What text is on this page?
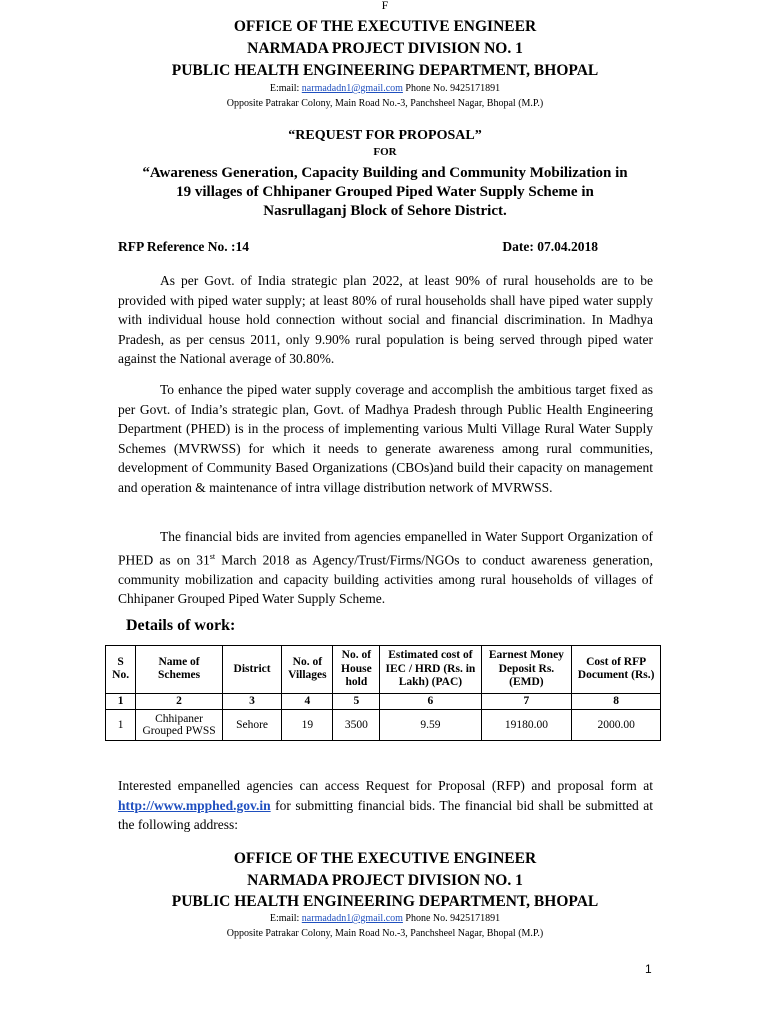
F
OFFICE OF THE EXECUTIVE ENGINEER
NARMADA PROJECT DIVISION NO. 1
PUBLIC HEALTH ENGINEERING DEPARTMENT, BHOPAL
E:mail: narmadadn1@gmail.com Phone No. 9425171891
Opposite Patrakar Colony, Main Road No.-3, Panchsheel Nagar, Bhopal (M.P.)
“REQUEST FOR PROPOSAL”
FOR
“Awareness Generation, Capacity Building and Community Mobilization in
19 villages of Chhipaner Grouped Piped Water Supply Scheme in
Nasrullaganj Block of Sehore District.
RFP Reference No. :14	Date: 07.04.2018
As per Govt. of India strategic plan 2022, at least 90% of rural households are to be provided with piped water supply; at least 80% of rural households shall have piped water supply with individual house hold connection without social and financial discrimination. In Madhya Pradesh, as per census 2011, only 9.90% rural population is being served through piped water against the National average of 30.80%.
To enhance the piped water supply coverage and accomplish the ambitious target fixed as per Govt. of India’s strategic plan, Govt. of Madhya Pradesh through Public Health Engineering Department (PHED) is in the process of implementing various Multi Village Rural Water Supply Schemes (MVRWSS) for which it needs to generate awareness among rural communities, development of Community Based Organizations (CBOs)and build their capacity on management and operation & maintenance of intra village distribution network of MVRWSS.
The financial bids are invited from agencies empanelled in Water Support Organization of PHED as on 31st March 2018 as Agency/Trust/Firms/NGOs to conduct awareness generation, community mobilization and capacity building activities among rural households of villages of Chhipaner Grouped Piped Water Supply Scheme.
Details of work:
S No.	Name of Schemes	District	No. of Villages	No. of House hold	Estimated cost of IEC / HRD (Rs. in Lakh) (PAC)	Earnest Money Deposit Rs. (EMD)	Cost of RFP Document (Rs.)
1	2	3	4	5	6	7	8
1	Chhipaner Grouped PWSS	Sehore	19	3500	9.59	19180.00	2000.00
Interested empanelled agencies can access Request for Proposal (RFP) and proposal form at http://www.mpphed.gov.in for submitting financial bids. The financial bid shall be submitted at the following address:
OFFICE OF THE EXECUTIVE ENGINEER
NARMADA PROJECT DIVISION NO. 1
PUBLIC HEALTH ENGINEERING DEPARTMENT, BHOPAL
E:mail: narmadadn1@gmail.com Phone No. 9425171891
Opposite Patrakar Colony, Main Road No.-3, Panchsheel Nagar, Bhopal (M.P.)
1
